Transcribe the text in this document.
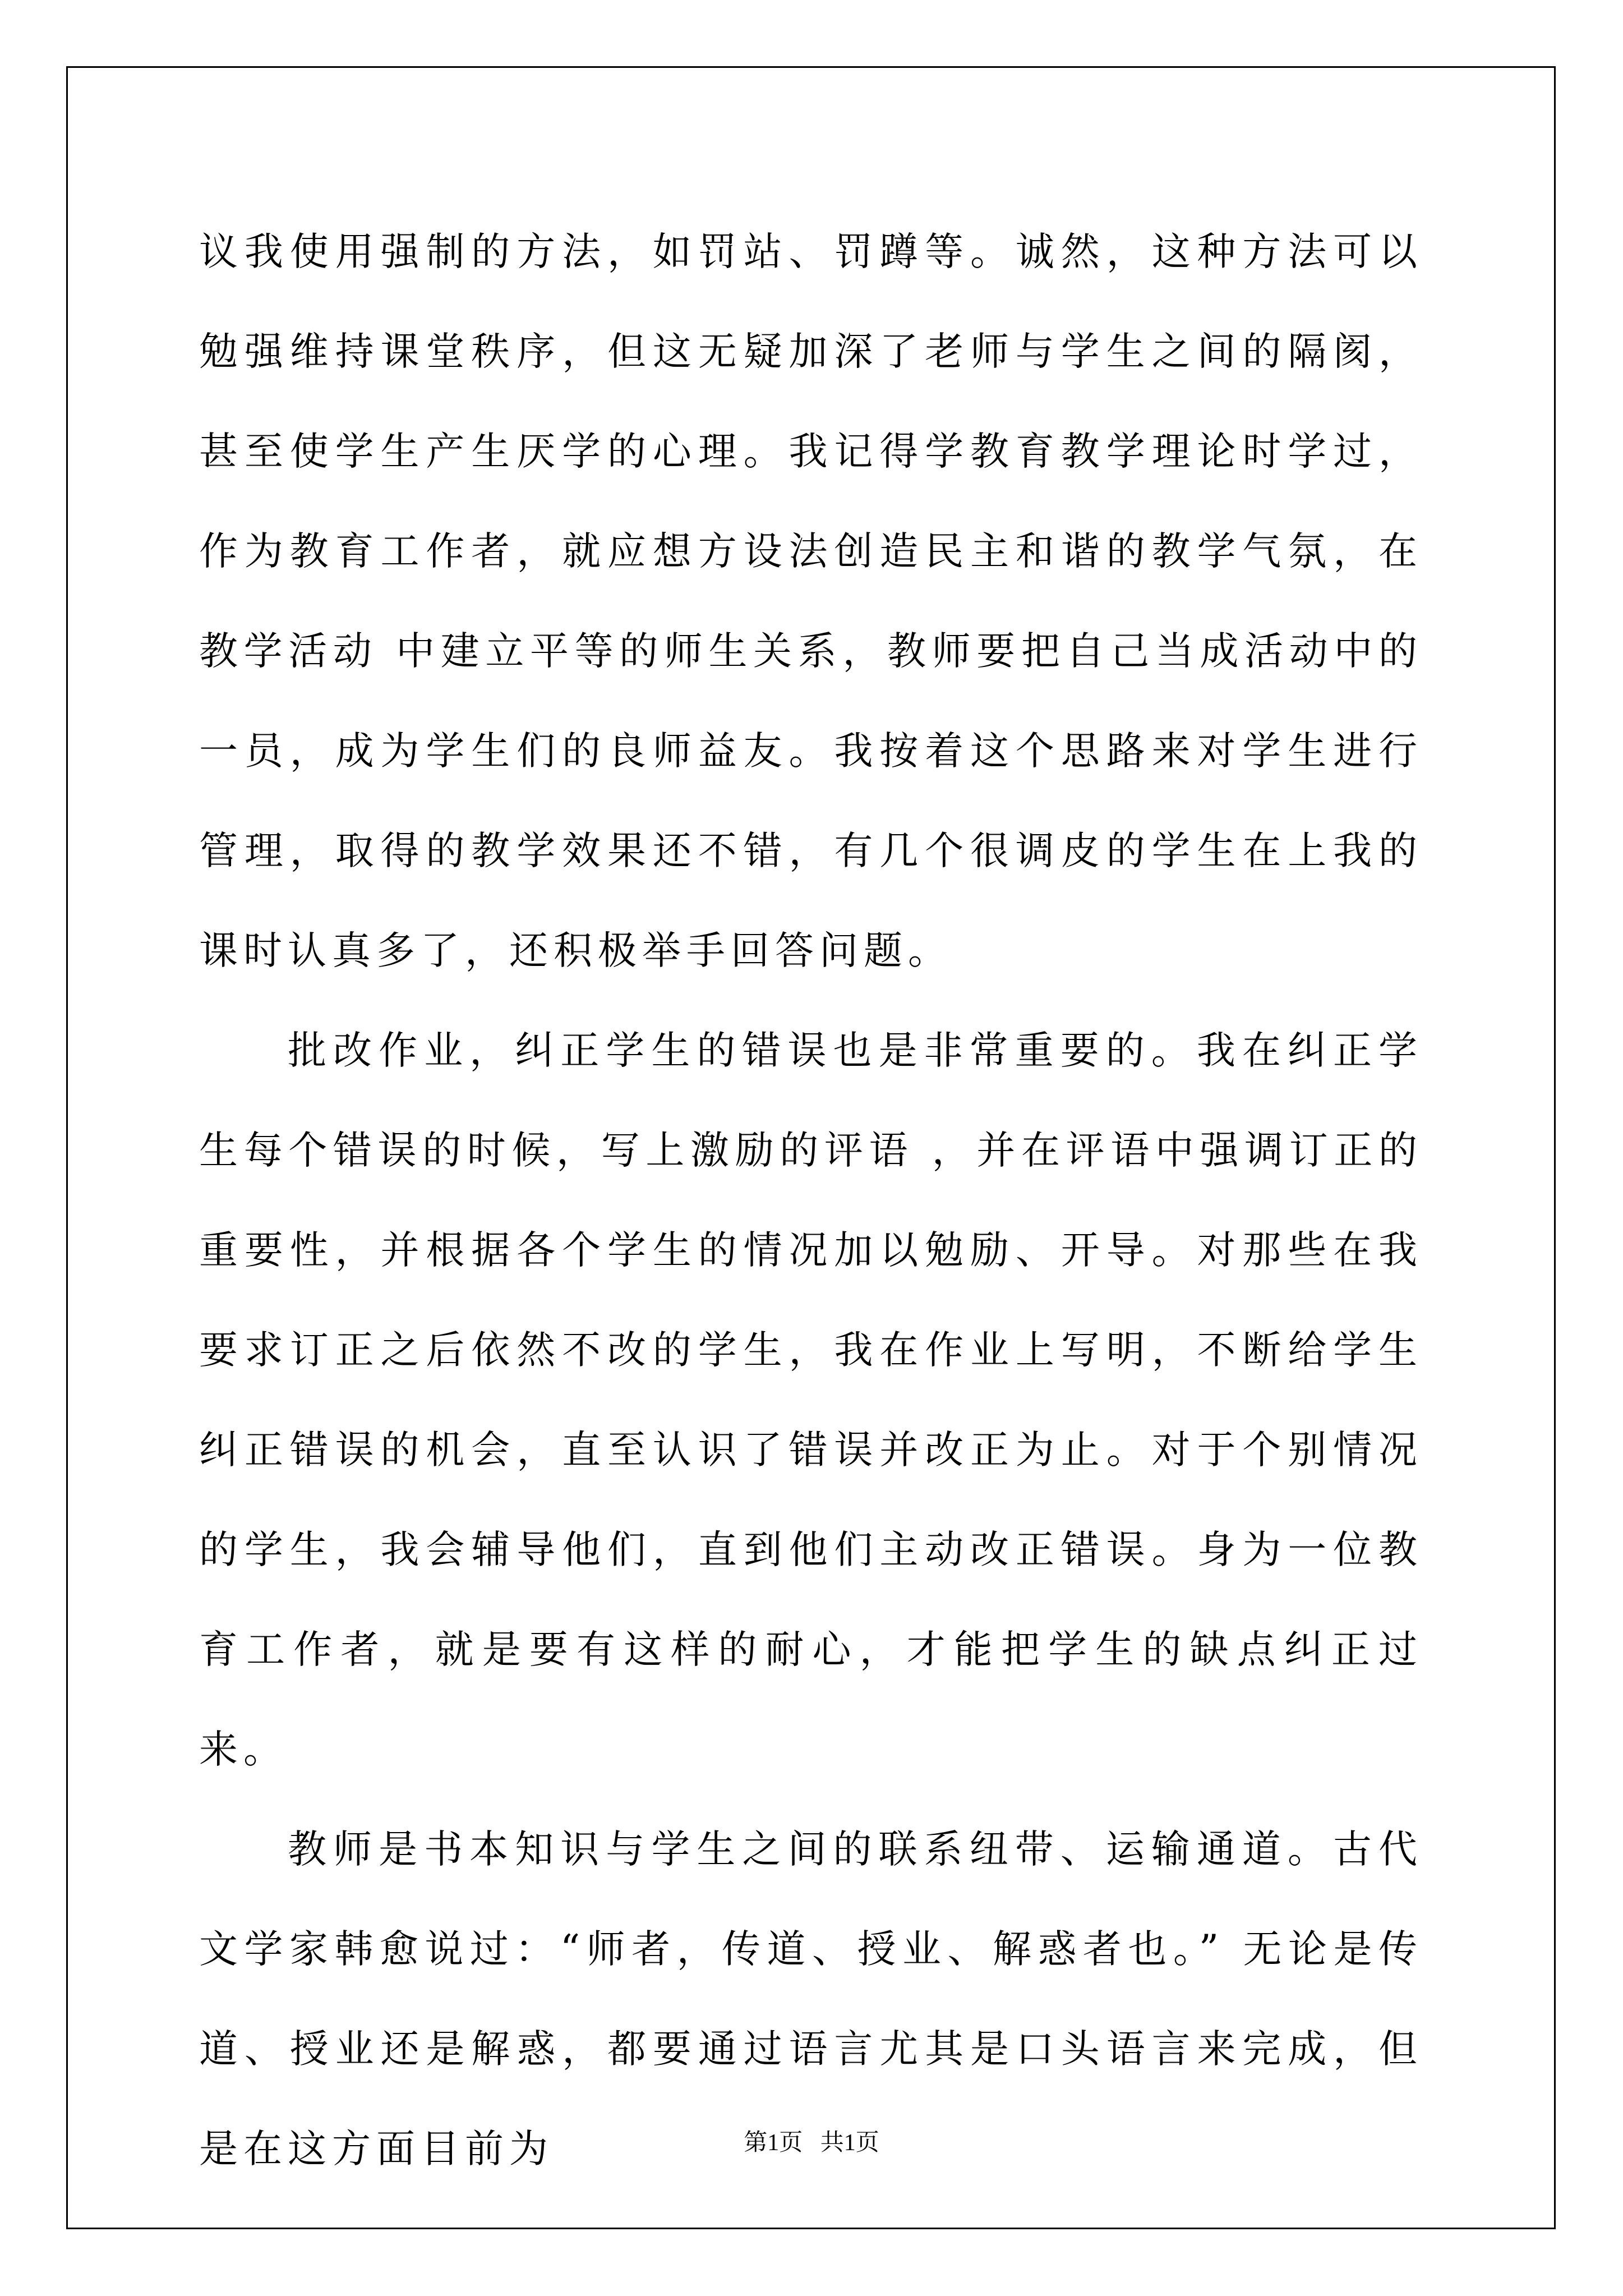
议我使用强制的方法，如罚站、罚蹲等。诚然，这种方法可以勉强维持课堂秩序，但这无疑加深了老师与学生之间的隔阂，甚至使学生产生厌学的心理。我记得学教育教学理论时学过，作为教育工作者，就应想方设法创造民主和谐的教学气氛，在教学活动 中建立平等的师生关系，教师要把自己当成活动中的一员，成为学生们的良师益友。我按着这个思路来对学生进行管理，取得的教学效果还不错，有几个很调皮的学生在上我的课时认真多了，还积极举手回答问题。

批改作业，纠正学生的错误也是非常重要的。我在纠正学生每个错误的时候，写上激励的评语 ，并在评语中强调订正的重要性，并根据各个学生的情况加以勉励、开导。对那些在我要求订正之后依然不改的学生，我在作业上写明，不断给学生纠正错误的机会，直至认识了错误并改正为止。对于个别情况的学生，我会辅导他们，直到他们主动改正错误。身为一位教育工作者，就是要有这样的耐心，才能把学生的缺点纠正过来。

教师是书本知识与学生之间的联系纽带、运输通道。古代文学家韩愈说过：“师者，传道、授业、解惑者也。” 无论是传道、授业还是解惑，都要通过语言尤其是口头语言来完成，但是在这方面目前为	第1页   共1页
